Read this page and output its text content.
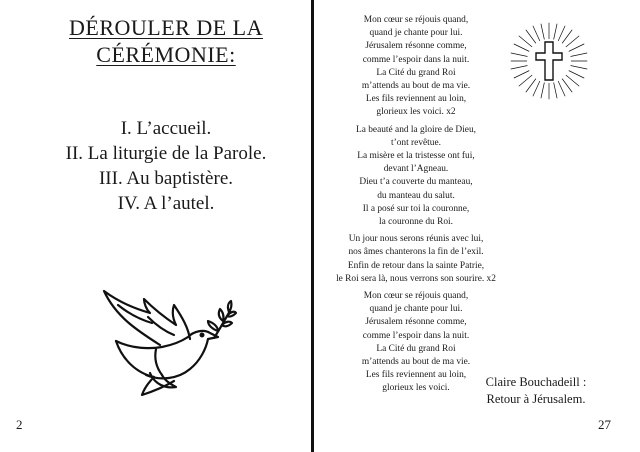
DÉROULER DE LA
CÉRÉMONIE:
I. L’accueil.
II. La liturgie de la Parole.
III. Au baptistère.
IV. A l’autel.
2
Mon cœur se réjouis quand,
quand je chante pour lui.
Jérusalem résonne comme,
comme l’espoir dans la nuit.
La Cité du grand Roi
m’attends au bout de ma vie.
Les fils reviennent au loin,
glorieux les voici. x2
La beauté and la gloire de Dieu,
t’ont revêtue.
La misère et la tristesse ont fui,
devant l’Agneau.
Dieu t’a couverte du manteau,
du manteau du salut.
Il a posé sur toi la couronne,
la couronne du Roi.
Un jour nous serons réunis avec lui,
nos âmes chanterons la fin de l’exil.
Enfin de retour dans la sainte Patrie,
le Roi sera là, nous verrons son sourire. x2
Mon cœur se réjouis quand,
quand je chante pour lui.
Jérusalem résonne comme,
comme l’espoir dans la nuit.
La Cité du grand Roi
m’attends au bout de ma vie.
Les fils reviennent au loin,
glorieux les voici.	Claire Bouchadeill :
Retour à Jérusalem.
27
